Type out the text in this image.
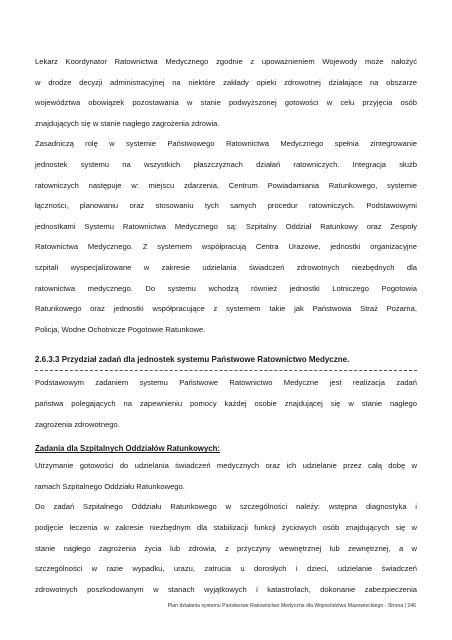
Lekarz Koordynator Ratownictwa Medycznego zgodnie z upoważnieniem Wojewody może nałożyć
w drodze decyzji administracyjnej na niektóre zakłady opieki zdrowotnej działające na obszarze
województwa obowiązek pozostawania w stanie podwyższonej gotowości w celu przyjęcia osób
znajdujących się w stanie nagłego zagrożenia zdrowia.
Zasadniczą rolę w systemie Państwowego Ratownictwa Medycznego spełnia zintegrowanie
jednostek systemu na wszystkich płaszczyznach działań ratowniczych. Integracja służb
ratowniczych następuje w: miejscu zdarzenia, Centrum Powiadamiania Ratunkowego, systemie
łączności, planowaniu oraz stosowaniu tych samych procedur ratowniczych. Podstawowymi
jednostkami Systemu Ratownictwa Medycznego są: Szpitalny Oddział Ratunkowy oraz Zespoły
Ratownictwa Medycznego. Z systemem współpracują Centra Urazowe, jednostki organizacyjne
szpitali wyspecjalizowane w zakresie udzielania świadczeń zdrowotnych niezbędnych dla
ratownictwa medycznego. Do systemu wchodzą również jednostki Lotniczego Pogotowia
Ratunkowego oraz jednostki współpracujące z systemem takie jak Państwowa Straż Pożarna,
Policja, Wodne Ochotnicze Pogotowie Ratunkowe.
2.6.3.3 Przydział zadań dla jednostek systemu Państwowe Ratownictwo Medyczne.
Podstawowym zadaniem systemu Państwowe Ratownictwo Medyczne jest realizacja zadań
państwa polegających na zapewnieniu pomocy każdej osobie znajdującej się w stanie nagłego
zagrożenia zdrowotnego.
Zadania dla Szpitalnych Oddziałów Ratunkowych:
Utrzymanie gotowości do udzielania świadczeń medycznych oraz ich udzielanie przez całą dobę w
ramach Szpitalnego Oddziału Ratunkowego.
Do zadań Szpitalnego Oddziału Ratunkowego w szczególności należy: wstępna diagnostyka i
podjęcie leczenia w zakresie niezbędnym dla stabilizacji funkcji życiowych osób znajdujących się w
stanie nagłego zagrożenia życia lub zdrowia, z przyczyny wewnętrznej lub zewnętrznej, a w
szczególności w razie wypadku, urazu, zatrucia u dorosłych i dzieci, udzielanie świadczeń
zdrowotnych poszkodowanym w stanach wyjątkowych i katastrofach, dokonanie zabezpieczenia
Plan działania systemu Państwowe Ratownictwo Medyczne dla Województwa Mazowieckiego - Strona | 246
